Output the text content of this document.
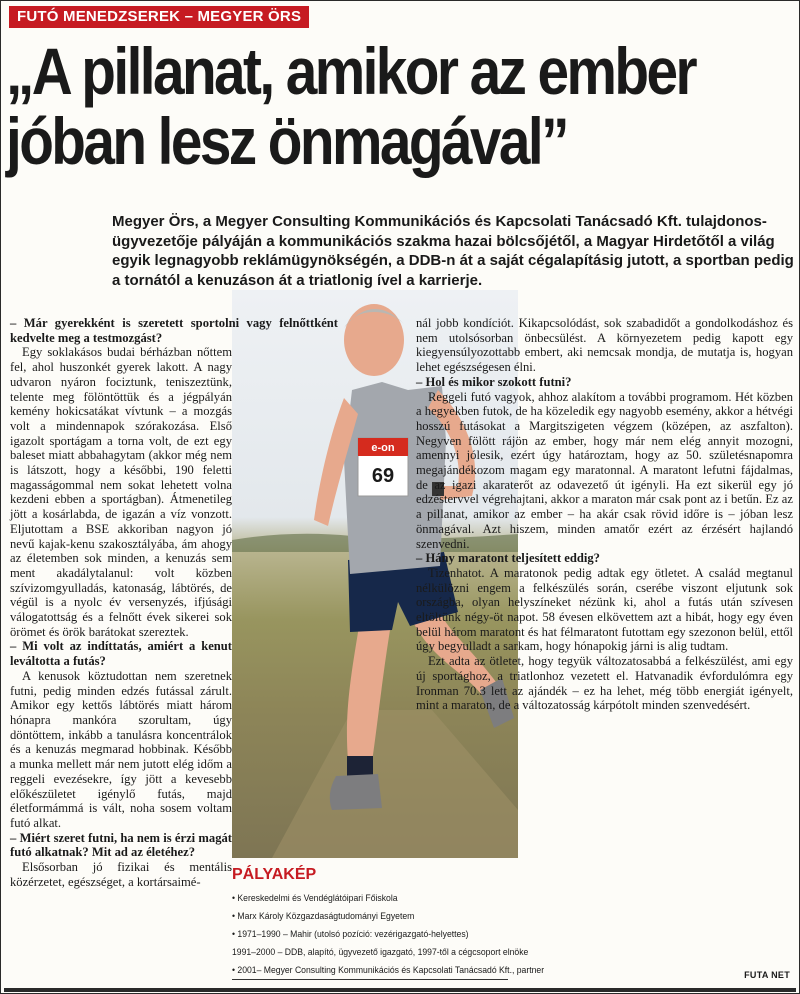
FUTÓ MENEDZSEREK – MEGYER ÖRS
„A pillanat, amikor az ember
jóban lesz önmagával”
Megyer Örs, a Megyer Consulting Kommunikációs és Kapcsolati Tanácsadó Kft. tulajdonos-ügyvezetője pályáján a kommunikációs szakma hazai bölcsőjétől, a Magyar Hirdetőtől a világ egyik legnagyobb reklámügynökségén, a DDB-n át a saját cégalapításig jutott, a sportban pedig a tornától a kenuzáson át a triatlonig ível a karrierje.
e-on
69

– Már gyerekként is szeretett sportolni vagy felnőttként kedvelte meg a testmozgást?

Egy soklakásos budai bérházban nőttem fel, ahol huszonkét gyerek lakott. A nagy udvaron nyáron fociztunk, teniszeztünk, telente meg fölöntöttük és a jégpályán kemény hokicsatákat vívtunk – a mozgás volt a mindennapok szórakozása. Első igazolt sportágam a torna volt, de ezt egy baleset miatt abbahagytam (akkor még nem is látszott, hogy a későbbi, 190 feletti magasságommal nem sokat lehetett volna kezdeni ebben a sportágban). Átmenetileg jött a kosárlabda, de igazán a víz vonzott. Eljutottam a BSE akkoriban nagyon jó nevű kajak-kenu szakosztályába, ám ahogy az életemben sok minden, a kenuzás sem ment akadálytalanul: volt közben szívizomgyulladás, katonaság, lábtörés, de végül is a nyolc év versenyzés, ifjúsági válogatottság és a felnőtt évek sikerei sok örömet és örök barátokat szereztek.

– Mi volt az indíttatás, amiért a kenut leváltotta a futás?

A kenusok köztudottan nem szeretnek futni, pedig minden edzés futással zárult. Amikor egy kettős lábtörés miatt három hónapra mankóra szorultam, úgy döntöttem, inkább a tanulásra koncentrálok és a kenuzás megmarad hobbinak. Később a munka mellett már nem jutott elég időm a reggeli evezésekre, így jött a kevesebb előkészületet igénylő futás, majd életformámmá is vált, noha sosem voltam futó alkat.

– Miért szeret futni, ha nem is érzi magát futó alkatnak? Mit ad az életéhez?

Elsősorban jó fizikai és mentális közérzetet, egészséget, a kortársaimé-

nál jobb kondíciót. Kikapcsolódást, sok szabadidőt a gondolkodáshoz és nem utolsósorban önbecsülést. A környezetem pedig kapott egy kiegyensúlyozottabb embert, aki nemcsak mondja, de mutatja is, hogyan lehet egészségesen élni.

– Hol és mikor szokott futni?

Reggeli futó vagyok, ahhoz alakítom a további programom. Hét közben a hegyekben futok, de ha közeledik egy nagyobb esemény, akkor a hétvégi hosszú futásokat a Margitszigeten végzem (középen, az aszfalton). Negyven fölött rájön az ember, hogy már nem elég annyit mozogni, amennyi jólesik, ezért úgy határoztam, hogy az 50. születésnapomra megajándékozom magam egy maratonnal. A maratont lefutni fájdalmas, de az igazi akaraterőt az odavezető út igényli. Ha ezt sikerül egy jó edzéstervvel végrehajtani, akkor a maraton már csak pont az i betűn. Ez az a pillanat, amikor az ember – ha akár csak rövid időre is – jóban lesz önmagával. Azt hiszem, minden amatőr ezért az érzésért hajlandó szenvedni.

– Hány maratont teljesített eddig?

Tizenhatot. A maratonok pedig adtak egy ötletet. A család megtanul nélkülözni engem a felkészülés során, cserébe viszont eljutunk sok országba, olyan helyszíneket nézünk ki, ahol a futás után szívesen eltöltünk négy-öt napot. 58 évesen elkövettem azt a hibát, hogy egy éven belül három maratont és hat félmaratont futottam egy szezonon belül, ettől úgy begyulladt a sarkam, hogy hónapokig járni is alig tudtam.

Ezt adta az ötletet, hogy tegyük változatosabbá a felkészülést, ami egy új sportághoz, a triatlonhoz vezetett el. Hatvanadik évfordulómra egy Ironman 70.3 lett az ajándék – ez ha lehet, még több energiát igényelt, mint a maraton, de a változatosság kárpótolt minden szenvedésért.

PÁLYAKÉP

• Kereskedelmi és Vendéglátóipari Főiskola
• Marx Károly Közgazdaságtudományi Egyetem
• 1971–1990 – Mahir (utolsó pozíció: vezérigazgató-helyettes)
1991–2000 – DDB, alapító, ügyvezető igazgató, 1997-től a cégcsoport elnöke
• 2001– Megyer Consulting Kommunikációs és Kapcsolati Tanácsadó Kft., partner	FUTA NET
